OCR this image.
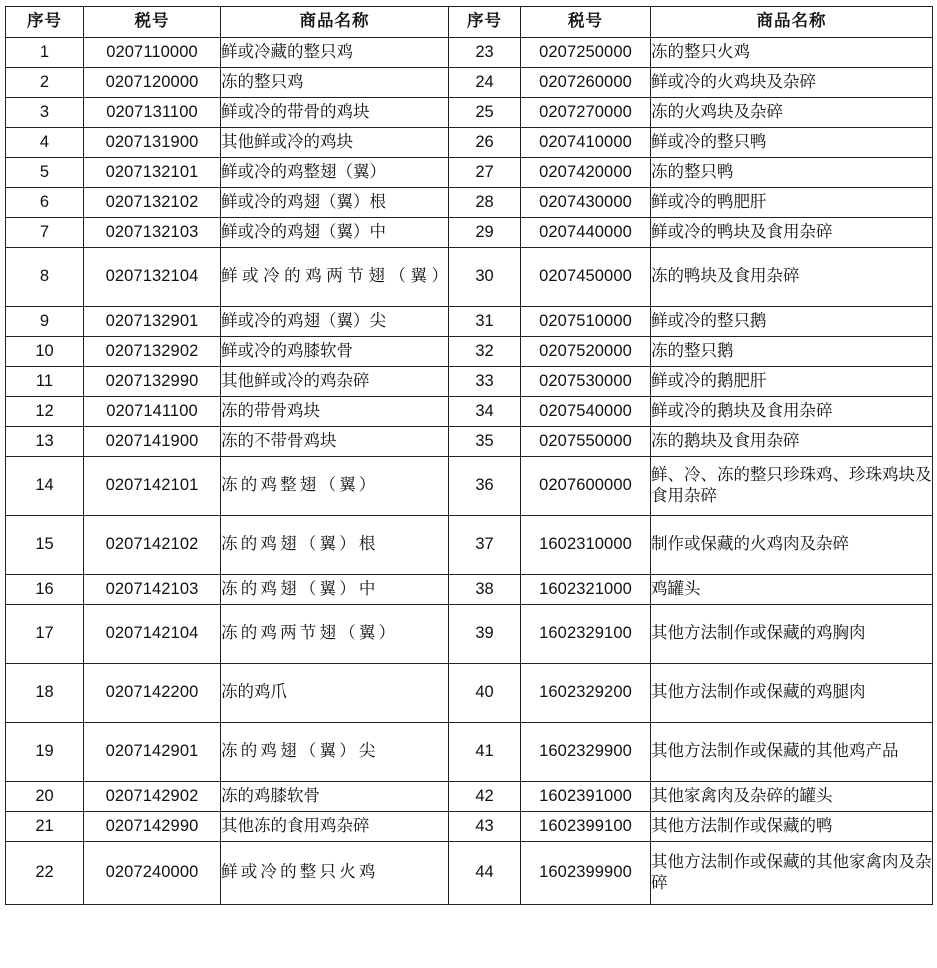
序号	税号	商品名称	序号	税号	商品名称
1	0207110000	鲜或冷藏的整只鸡	23	0207250000	冻的整只火鸡
2	0207120000	冻的整只鸡	24	0207260000	鲜或冷的火鸡块及杂碎
3	0207131100	鲜或冷的带骨的鸡块	25	0207270000	冻的火鸡块及杂碎
4	0207131900	其他鲜或冷的鸡块	26	0207410000	鲜或冷的整只鸭
5	0207132101	鲜或冷的鸡整翅（翼）	27	0207420000	冻的整只鸭
6	0207132102	鲜或冷的鸡翅（翼）根	28	0207430000	鲜或冷的鸭肥肝
7	0207132103	鲜或冷的鸡翅（翼）中	29	0207440000	鲜或冷的鸭块及食用杂碎
8	0207132104	鲜或冷的鸡两节翅（翼）	30	0207450000	冻的鸭块及食用杂碎
9	0207132901	鲜或冷的鸡翅（翼）尖	31	0207510000	鲜或冷的整只鹅
10	0207132902	鲜或冷的鸡膝软骨	32	0207520000	冻的整只鹅
11	0207132990	其他鲜或冷的鸡杂碎	33	0207530000	鲜或冷的鹅肥肝
12	0207141100	冻的带骨鸡块	34	0207540000	鲜或冷的鹅块及食用杂碎
13	0207141900	冻的不带骨鸡块	35	0207550000	冻的鹅块及食用杂碎
14	0207142101	冻的鸡整翅（翼）	36	0207600000	鲜、冷、冻的整只珍珠鸡、珍珠鸡块及食用杂碎
15	0207142102	冻的鸡翅（翼）根	37	1602310000	制作或保藏的火鸡肉及杂碎
16	0207142103	冻的鸡翅（翼）中	38	1602321000	鸡罐头
17	0207142104	冻的鸡两节翅（翼）	39	1602329100	其他方法制作或保藏的鸡胸肉
18	0207142200	冻的鸡爪	40	1602329200	其他方法制作或保藏的鸡腿肉
19	0207142901	冻的鸡翅（翼）尖	41	1602329900	其他方法制作或保藏的其他鸡产品
20	0207142902	冻的鸡膝软骨	42	1602391000	其他家禽肉及杂碎的罐头
21	0207142990	其他冻的食用鸡杂碎	43	1602399100	其他方法制作或保藏的鸭
22	0207240000	鲜或冷的整只火鸡	44	1602399900	其他方法制作或保藏的其他家禽肉及杂碎
